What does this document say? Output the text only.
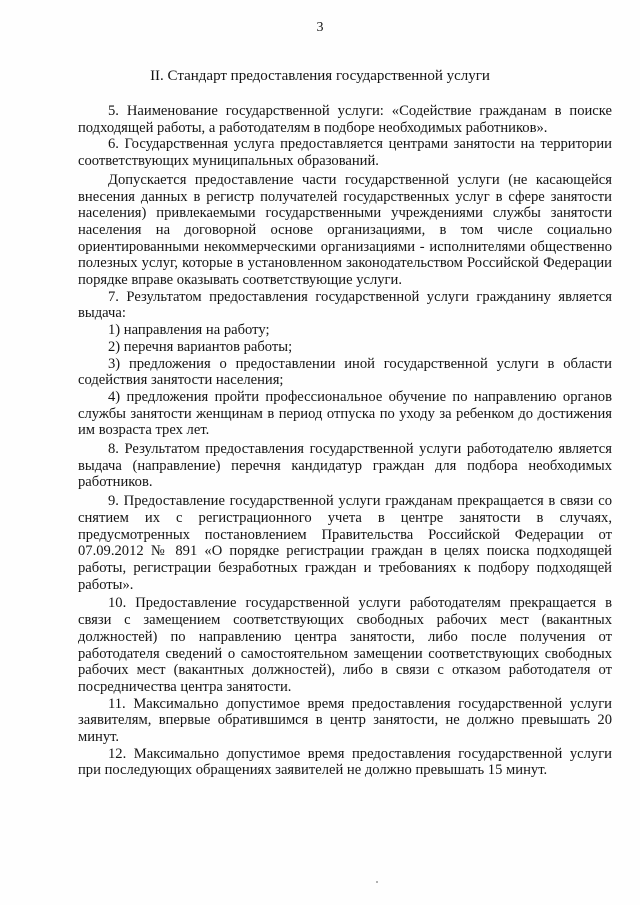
3
II. Стандарт предоставления государственной услуги

5. Наименование государственной услуги: «Содействие гражданам в поиске подходящей работы, а работодателям в подборе необходимых работников».

6. Государственная услуга предоставляется центрами занятости на территории соответствующих муниципальных образований.

Допускается предоставление части государственной услуги (не касающейся внесения данных в регистр получателей государственных услуг в сфере занятости населения) привлекаемыми государственными учреждениями службы занятости населения на договорной основе организациями, в том числе социально ориентированными некоммерческими организациями - исполнителями общественно полезных услуг, которые в установленном законодательством Российской Федерации порядке вправе оказывать соответствующие услуги.

7. Результатом предоставления государственной услуги гражданину является выдача:

1) направления на работу;

2) перечня вариантов работы;

3) предложения о предоставлении иной государственной услуги в области содействия занятости населения;

4) предложения пройти профессиональное обучение по направлению органов службы занятости женщинам в период отпуска по уходу за ребенком до достижения им возраста трех лет.

8. Результатом предоставления государственной услуги работодателю является выдача (направление) перечня кандидатур граждан для подбора необходимых работников.

9. Предоставление государственной услуги гражданам прекращается в связи со снятием их с регистрационного учета в центре занятости в случаях, предусмотренных постановлением Правительства Российской Федерации от 07.09.2012 № 891 «О порядке регистрации граждан в целях поиска подходящей работы, регистрации безработных граждан и требованиях к подбору подходящей работы».

10. Предоставление государственной услуги работодателям прекращается в связи с замещением соответствующих свободных рабочих мест (вакантных должностей) по направлению центра занятости, либо после получения от работодателя сведений о самостоятельном замещении соответствующих свободных рабочих мест (вакантных должностей), либо в связи с отказом работодателя от посредничества центра занятости.

11. Максимально допустимое время предоставления государственной услуги заявителям, впервые обратившимся в центр занятости, не должно превышать 20 минут.

12. Максимально допустимое время предоставления государственной услуги при последующих обращениях заявителей не должно превышать 15 минут.
